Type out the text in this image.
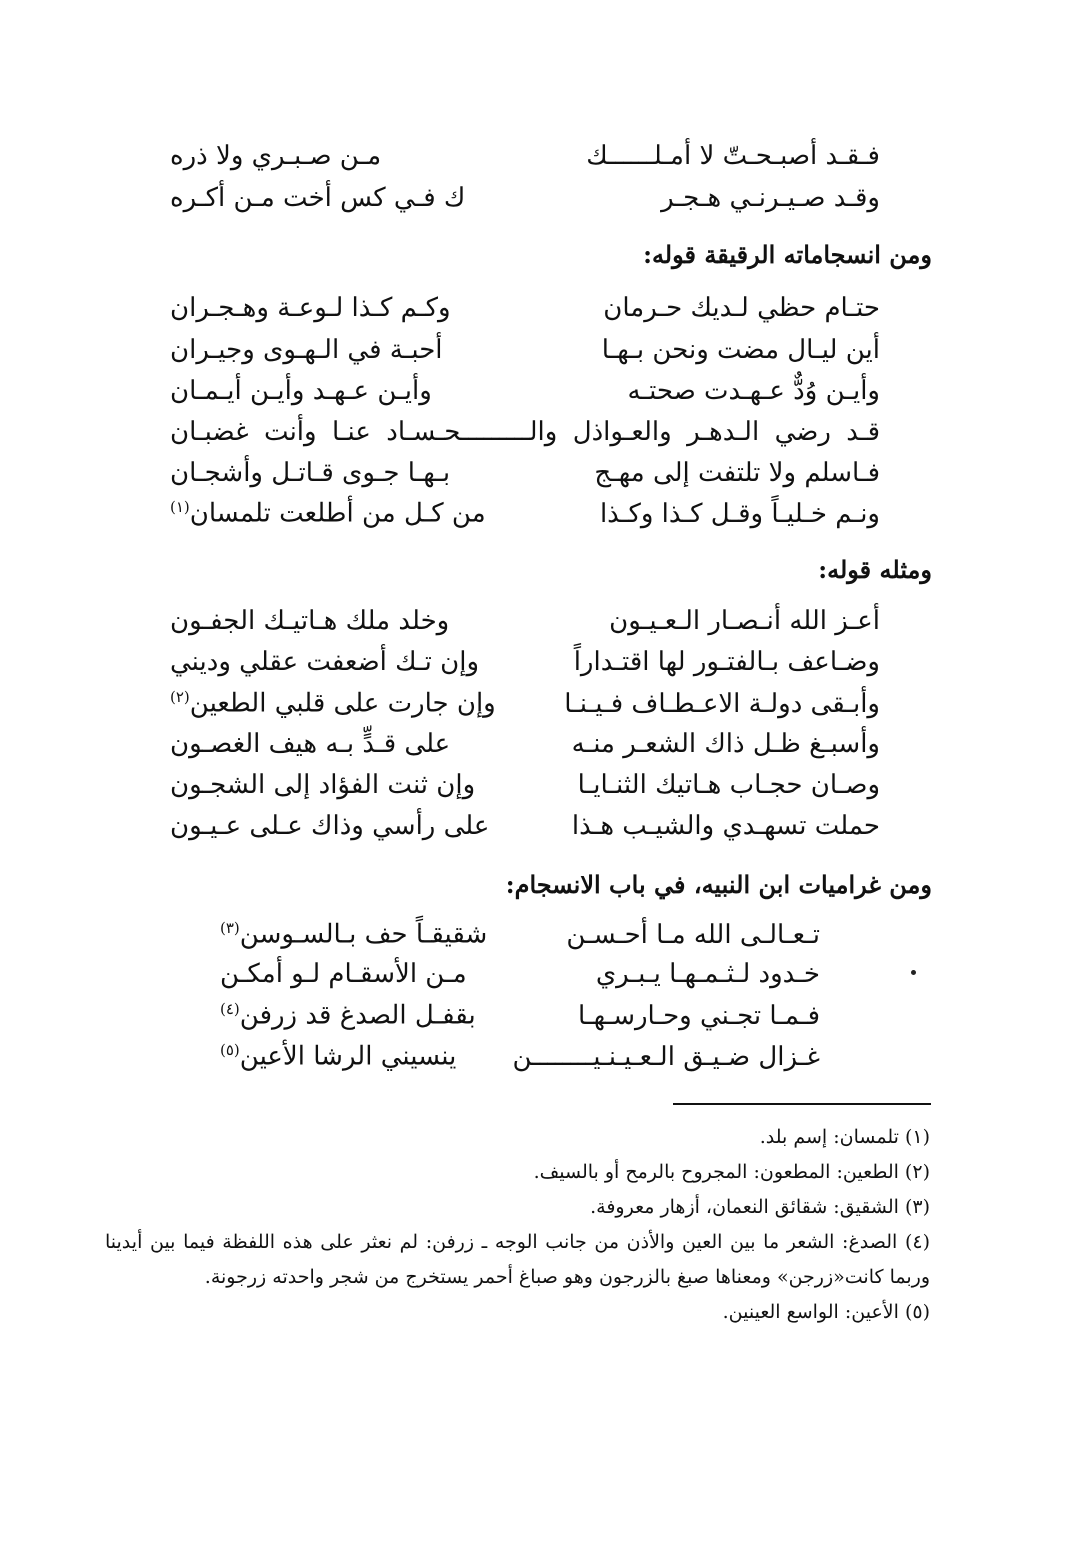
فـقـد أصبـحـتّ لا أمـلــــــك
مـن صـبـري ولا ذره
وقـد صـيـرنـي هـجـر
ك فـي كس أخت مـن أكـره
ومن انسجاماته الرقيقة قوله:
حتـام حظي لـديك حـرمان
وكـم كـذا لـوعـة وهـجـران
أين ليـال مضت ونحن بـهـا
أحبـة في الـهـوى وجيـران
وأيـن وُدٌّ عـهـدت صحتـه
وأيـن عـهـد وأيـن أيـمـان
قـد رضي الـدهـر والعـواذل والـــــــــحـسـاد عنـا وأنت غضبـان
فـاسلم ولا تلتفت إلى مهـج
بـهـا جـوى قـاتـل وأشجـان
ونـم خـليـاً وقـل كـذا وكـذا
من كـل من أطلعت تلمسان$^{(١)}$
ومثله قوله:
أعـز الله أنـصـار الـعـيـون
وخلد ملك هـاتيـك الجفـون
وضـاعف بـالفتـور لها اقتـداراً
وإن تـك أضعفت عقلي وديني
وأبـقى دولـة الاعـطـاف فـيـنـا
وإن جارت على قلبي الطعين$^{(٢)}$
وأسبـغ ظـل ذاك الشعـر منـه
على قـدٍّ بـه هيف الغصـون
وصـان حجـاب هـاتيك الثنـايـا
وإن ثنت الفؤاد إلى الشجـون
حملت تسهـدي والشيـب هـذا
على رأسي وذاك عـلى عـيـون
ومن غراميات ابن النبيه، في باب الانسجام:
تـعـالـى الله مـا أحـسـن
شقيقـاً حف بـالسـوسن$^{(٣)}$
خـدود لـثـمـهـا يـبـري
مـن الأسقـام لـو أمكـن
فـمـا تجـني وحـارسـهـا
بقفـل الصدغ قد زرفن$^{(٤)}$
غـزال ضـيـق الـعـيـنـيــــــــن
ينسيني الرشا الأعين$^{(٥)}$
(١) تلمسان: إسم بلد.
(٢) الطعين: المطعون: المجروح بالرمح أو بالسيف.
(٣) الشقيق: شقائق النعمان، أزهار معروفة.
(٤) الصدغ: الشعر ما بين العين والأذن من جانب الوجه ـ زرفن: لم نعثر على هذه اللفظة فيما بين أيدينا وربما كانت«زرجن» ومعناها صبغ بالزرجون وهو صباغ أحمر يستخرج من شجر واحدته زرجونة.
(٥) الأعين: الواسع العينين.
